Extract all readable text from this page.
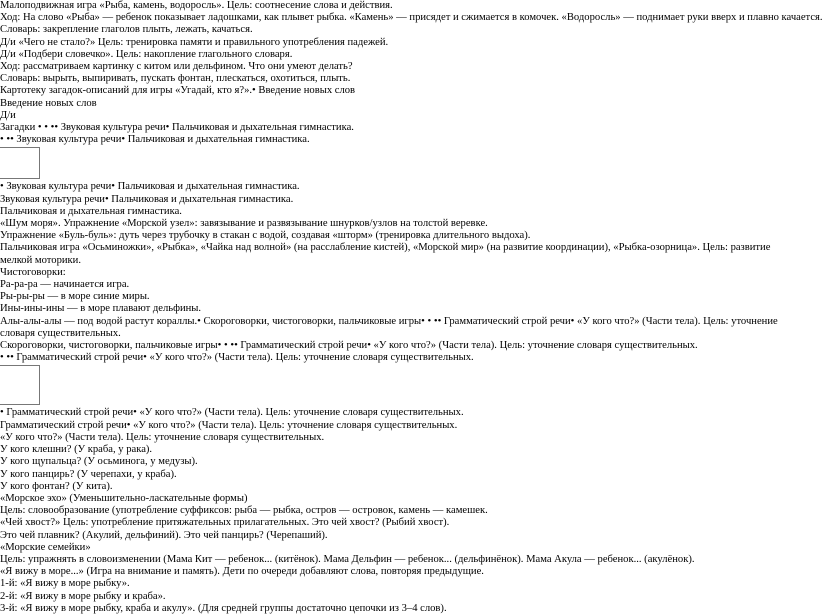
Малоподвижная игра «Рыба, камень, водоросль». Цель: соотнесение слова и действия.
Ход: На слово «Рыба» — ребенок показывает ладошками, как плывет рыбка. «Камень» — присядет и сжимается в комочек. «Водоросль» — поднимает руки вверх и плавно качается.
Словарь: закрепление глаголов плыть, лежать, качаться.
Д/и «Чего не стало?» Цель: тренировка памяти и правильного употребления падежей.
Д/и «Подбери словечко». Цель: накопление глагольного словаря.
Ход: рассматриваем картинку с китом или дельфином. Что они умеют делать?
Словарь: вырыть, выпиривать, пускать фонтан, плескаться, охотиться, плыть.
Картотеку загадок-описаний для игры «Угадай, кто я?».• Введение новых слов
Введение новых слов
Д/и
Загадки • • •• Звуковая культура речи• Пальчиковая и дыхательная гимнастика.
• •• Звуковая культура речи• Пальчиковая и дыхательная гимнастика.
• Звуковая культура речи• Пальчиковая и дыхательная гимнастика.
Звуковая культура речи• Пальчиковая и дыхательная гимнастика.
Пальчиковая и дыхательная гимнастика.
«Шум моря». Упражнение «Морской узел»: завязывание и развязывание шнурков/узлов на толстой веревке.
Упражнение «Буль-буль»: дуть через трубочку в стакан с водой, создавая «шторм» (тренировка длительного выдоха).
Пальчиковая игра «Осьминожки», «Рыбка», «Чайка над волной» (на расслабление кистей), «Морской мир» (на развитие координации), «Рыбка-озорница». Цель: развитие мелкой моторики.
Чистоговорки:
Ра-ра-ра — начинается игра.
Ры-ры-ры — в море синие миры.
Ины-ины-ины — в море плавают дельфины.
Алы-алы-алы — под водой растут кораллы.• Скороговорки, чистоговорки, пальчиковые игры• • •• Грамматический строй речи• «У кого что?» (Части тела). Цель: уточнение словаря существительных.
Скороговорки, чистоговорки, пальчиковые игры• • •• Грамматический строй речи• «У кого что?» (Части тела). Цель: уточнение словаря существительных.
• •• Грамматический строй речи• «У кого что?» (Части тела). Цель: уточнение словаря существительных.
• Грамматический строй речи• «У кого что?» (Части тела). Цель: уточнение словаря существительных.
Грамматический строй речи• «У кого что?» (Части тела). Цель: уточнение словаря существительных.
«У кого что?» (Части тела). Цель: уточнение словаря существительных.
У кого клешни? (У краба, у рака).
У кого щупальца? (У осьминога, у медузы).
У кого панцирь? (У черепахи, у краба).
У кого фонтан? (У кита).
«Морское эхо» (Уменьшительно-ласкательные формы)
Цель: словообразование (употребление суффиксов: рыба — рыбка, остров — островок, камень — камешек.
«Чей хвост?» Цель: употребление притяжательных прилагательных. Это чей хвост? (Рыбий хвост).
Это чей плавник? (Акулий, дельфиний). Это чей панцирь? (Черепаший).
«Морские семейки»
Цель: упражнять в словоизменении (Мама Кит — ребенок... (китёнок). Мама Дельфин — ребенок... (дельфинёнок). Мама Акула — ребенок... (акулёнок).
«Я вижу в море...» (Игра на внимание и память). Дети по очереди добавляют слова, повторяя предыдущие.
1-й: «Я вижу в море рыбку».
2-й: «Я вижу в море рыбку и краба».
3-й: «Я вижу в море рыбку, краба и акулу». (Для средней группы достаточно цепочки из 3–4 слов).
